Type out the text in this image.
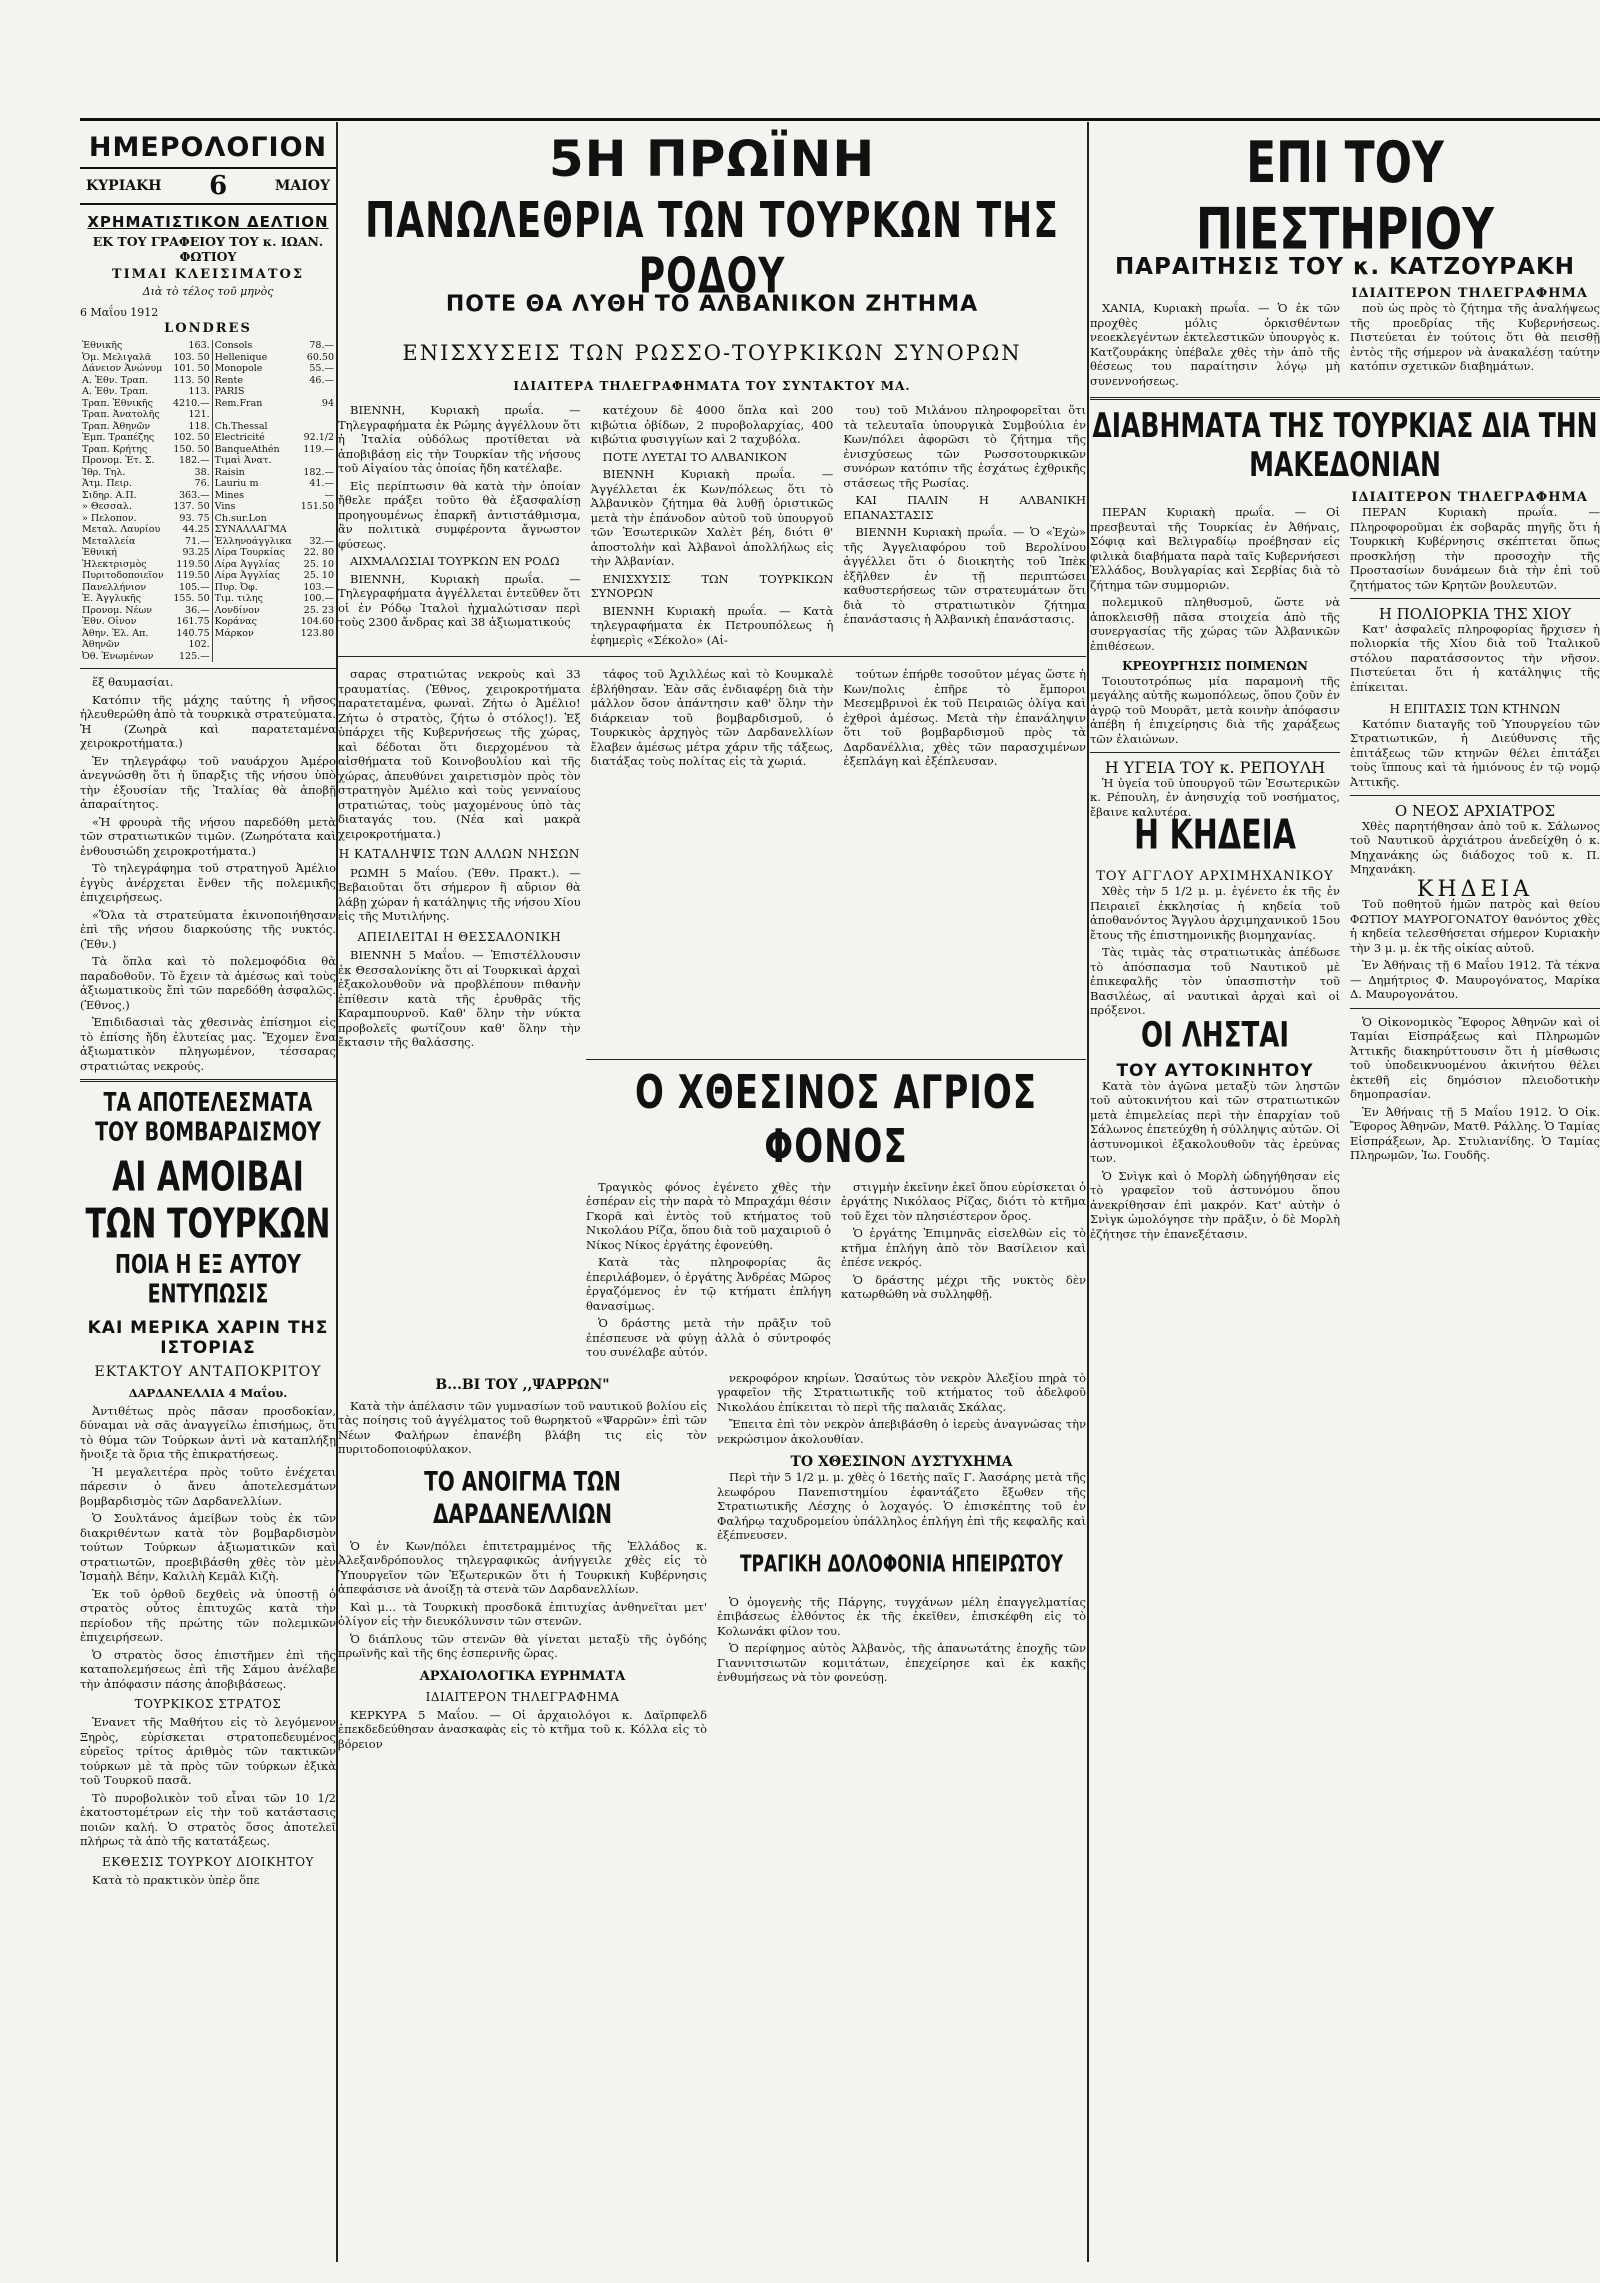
ΗΜΕΡΟΛΟΓΙΟΝ
ΚΥΡΙΑΚΗ 6	ΜΑΙΟΥ
ΧΡΗΜΑΤΙΣΤΙΚΟΝ ΔΕΛΤΙΟΝ
ΕΚ ΤΟΥ ΓΡΑΦΕΙΟΥ ΤΟΥ κ. ΙΩΑΝ. ΦΩΤΙΟΥ
ΤΙΜΑΙ ΚΛΕΙΣΙΜΑΤΟΣ
Διὰ τὸ τέλος τοῦ μηνὸς
6 Μαΐου 1912
LONDRES
Ἐθνικῆς	163.	Consols	78.—
Ὁμ. Μελιγαλᾶ	103. 50	Hellenique	60.50
Δάνειον Ἀνώνυμ	101. 50	Monopole	55.—
Α. Ἐθν. Τραπ.	113. 50	Rente	46.—
Α. Ἐθν. Τραπ.	113.	PARIS	
Τραπ. Ἐθνικῆς	4210.—	Rem.Fran	94
Τραπ. Ἀνατολῆς	121.		
Τραπ. Ἀθηνῶν	118.	Ch.Thessal	
Ἐμπ. Τραπέζης	102. 50	Electricité	92.1/2
Τραπ. Κρήτης	150. 50	BanqueAthén	119.—
Προνομ. Ἐτ. Σ.	182.—	Τιμαὶ Ἀνατ.	
Ἰθρ. Τηλ.	38.	Raisin	182.—
Ἀτμ. Πειρ.	76.	Lauriu m	41.—
Σιδηρ. Α.Π.	363.—	Mines	—
» Θεσσαλ.	137. 50	Vins	151.50
» Πελοπον.	93. 75	Ch.sur.Lon	
Μεταλ. Λαυρίου	44.25	ΣΥΝΑΛΛΑΓΜΑ	
Μεταλλεία	71.—	Ἑλληνοάγγλικα	32.—
Ἐθνική	93.25	Λίρα Τουρκίας	22. 80
Ἠλεκτρισμὸς	119.50	Λίρα Ἀγγλίας	25. 10
Πυριτοδοποιεῖον	119.50	Λίρα Ἀγγλίας	25. 10
Πανελλήνιον	105.—	Πυρ. Ὀφ.	103.—
Ἐ. Ἀγγλικῆς	155. 50	Τιμ. τιλης	100.—
Προνομ. Νέων	36.—	Λονδίνον	25. 23
Ἐθν. Οἶνον	161.75	Κοράνας	104.60
Ἀθην. Ἐλ. Απ.	140.75	Μάρκον	123.80
Ἀθηνῶν	102.		
Ὀθ. Ἑνωμένων	125.—		

ἕξ θαυμασίαι.

Κατόπιν τῆς μάχης ταύτης ἡ νῆσος ἠλευθερώθη ἀπὸ τὰ τουρκικὰ στρατεύματα. Ἡ (Ζωηρὰ καὶ παρατεταμένα χειροκροτήματα.)

Ἐν τηλεγράφῳ τοῦ ναυάρχου Ἀμέρο ἀνεγνώσθη ὅτι ἡ ὕπαρξις τῆς νήσου ὑπὸ τὴν ἐξουσίαν τῆς Ἰταλίας θὰ ἀποβῇ ἀπαραίτητος.

«Ἡ φρουρὰ τῆς νήσου παρεδόθη μετὰ τῶν στρατιωτικῶν τιμῶν. (Ζωηρότατα καὶ ἐνθουσιώδη χειροκροτήματα.)

Τὸ τηλεγράφημα τοῦ στρατηγοῦ Ἀμέλιο ἐγγὺς ἀνέρχεται ἔνθεν τῆς πολεμικῆς ἐπιχειρήσεως.

«Ὅλα τὰ στρατεύματα ἐκινοποιήθησαν ἐπὶ τῆς νήσου διαρκούσης τῆς νυκτός. (Ἐθν.)

Τὰ ὅπλα καὶ τὸ πολεμοφόδια θὰ παραδοθοῦν. Τὸ ἔχειν τὰ ἀμέσως καὶ τοὺς ἀξιωματικοὺς ἔπὶ τῶν παρεδόθη ἀσφαλῶς. (Ἐθνος.)

Ἐπιδιδασιαὶ τὰς χθεσινὰς ἐπίσημοι εἰς τὸ ἐπίσης ἤδη ἐλυτείας μας. Ἔχομεν ἕνα ἀξιωματικὸν πληγωμένον, τέσσαρας στρατιώτας νεκρούς.

ΤΑ ΑΠΟΤΕΛΕΣΜΑΤΑ ΤΟΥ ΒΟΜΒΑΡΔΙΣΜΟΥ
ΑΙ ΑΜΟΙΒΑΙ ΤΩΝ ΤΟΥΡΚΩΝ
ΠΟΙΑ Η ΕΞ ΑΥΤΟΥ ΕΝΤΥΠΩΣΙΣ
ΚΑΙ ΜΕΡΙΚΑ ΧΑΡΙΝ ΤΗΣ ΙΣΤΟΡΙΑΣ
ΕΚΤΑΚΤΟΥ ΑΝΤΑΠΟΚΡΙΤΟΥ

ΔΑΡΔΑΝΕΛΛΙΑ 4 Μαΐου.

Ἀντιθέτως πρὸς πᾶσαν προσδοκίαν, δύναμαι νὰ σᾶς ἀναγγείλω ἐπισήμως, ὅτι τὸ θύμα τῶν Τούρκων ἀντὶ νὰ καταπλήξῃ ἤνοιξε τὰ ὅρια τῆς ἐπικρατήσεως.

Ἡ μεγαλειτέρα πρὸς τοῦτο ἐνέχεται πάρεσιν ὁ ἄνευ ἀποτελεσμάτων βομβαρδισμὸς τῶν Δαρδανελλίων.

Ὁ Σουλτάνος ἀμείβων τοὺς ἐκ τῶν διακριθέντων κατὰ τὸν βομβαρδισμὸν τούτων Τούρκων ἀξιωματικῶν καὶ στρατιωτῶν, προεβιβάσθη χθὲς τὸν μὲν Ἱσμαὴλ Βέην, Καλιλὴ Κεμᾶλ Κιζὴ.

Ἐκ τοῦ ὀρθοῦ δεχθεὶς νὰ ὑποστῇ ὁ στρατὸς οὗτος ἐπιτυχῶς κατὰ τὴν περίοδον τῆς πρώτης τῶν πολεμικῶν ἐπιχειρήσεων.

Ὁ στρατὸς ὅσος ἐπιστῆμεν ἐπὶ τῆς καταπολεμήσεως ἐπὶ τῆς Σάμου ἀνέλαβε τὴν ἀπόφασιν πάσης ἀποβιβάσεως.

ΤΟΥΡΚΙΚΟΣ ΣΤΡΑΤΟΣ

Ἐνανετ τῆς Μαθήτου εἰς τὸ λεγόμενον Ξηρὸς, εὑρίσκεται στρατοπεδευμένος εὐρεῖος τρίτος ἀριθμὸς τῶν τακτικῶν τούρκων μὲ τὰ πρὸς τῶν τούρκων ἐξικὰ τοῦ Τουρκοῦ πασᾶ.

Τὸ πυροβολικὸν τοῦ εἶναι τῶν 10 1/2 ἑκατοστομέτρων εἰς τὴν τοῦ κατάστασις ποιῶν καλή. Ὁ στρατὸς ὅσος ἀποτελεῖ πλήρως τὰ ἀπὸ τῆς κατατάξεως.

ΕΚΘΕΣΙΣ ΤΟΥΡΚΟΥ ΔΙΟΙΚΗΤΟΥ

Κατὰ τὸ πρακτικὸν ὑπὲρ ὅπε

5Η ΠΡΩΪΝΗ
ΠΑΝΩΛΕΘΡΙΑ ΤΩΝ ΤΟΥΡΚΩΝ ΤΗΣ ΡΟΔΟΥ
ΠΟΤΕ ΘΑ ΛΥΘΗ ΤΟ ΑΛΒΑΝΙΚΟΝ ΖΗΤΗΜΑ
ΕΝΙΣΧΥΣΕΙΣ ΤΩΝ ΡΩΣΣΟ-ΤΟΥΡΚΙΚΩΝ ΣΥΝΟΡΩΝ
ΙΔΙΑΙΤΕΡΑ ΤΗΛΕΓΡΑΦΗΜΑΤΑ ΤΟΥ ΣΥΝΤΑΚΤΟΥ ΜΑ.

ΒΙΕΝΝΗ, Κυριακὴ πρωΐα. — Τηλεγραφήματα ἐκ Ρώμης ἀγγέλλουν ὅτι ἡ Ἰταλία οὐδόλως προτίθεται νὰ ἀποβιβάσῃ εἰς τὴν Τουρκίαν τῆς νήσους τοῦ Αἰγαίου τὰς ὁποίας ἤδη κατέλαβε.

Εἰς περίπτωσιν θὰ κατὰ τὴν ὁποίαν ἤθελε πράξει τοῦτο θὰ ἐξασφαλίσῃ προηγουμένως ἐπαρκῆ ἀντιστάθμισμα, ἂν πολιτικὰ συμφέροντα ἄγνωστον φύσεως.

ΑΙΧΜΑΛΩΣΙΑΙ ΤΟΥΡΚΩΝ ΕΝ ΡΟΔΩ

ΒΙΕΝΝΗ, Κυριακὴ πρωΐα. — Τηλεγραφήματα ἀγγέλλεται ἐντεῦθεν ὅτι οἱ ἐν Ρόδῳ Ἰταλοὶ ἠχμαλώτισαν περὶ τοὺς 2300 ἄνδρας καὶ 38 ἀξιωματικούς

κατέχουν δὲ 4000 ὅπλα καὶ 200 κιβώτια ὀβίδων, 2 πυροβολαρχίας, 400 κιβώτια φυσιγγίων καὶ 2 ταχυβόλα.

ΠΟΤΕ ΛΥΕΤΑΙ ΤΟ ΑΛΒΑΝΙΚΟΝ

ΒΙΕΝΝΗ Κυριακὴ πρωΐα. — Ἀγγέλλεται ἐκ Κων/πόλεως ὅτι τὸ Ἀλβανικὸν ζήτημα θὰ λυθῇ ὁριστικῶς μετὰ τὴν ἐπάνοδον αὐτοῦ τοῦ ὑπουργοῦ τῶν Ἐσωτερικῶν Χαλὲτ βέη, διότι θ' ἀποστολὴν καὶ Ἀλβανοὶ ἀπολλήλως εἰς τὴν Ἀλβανίαν.

ΕΝΙΣΧΥΣΙΣ ΤΩΝ ΤΟΥΡΚΙΚΩΝ ΣΥΝΟΡΩΝ

ΒΙΕΝΝΗ Κυριακὴ πρωΐα. — Κατὰ τηλεγραφήματα ἐκ Πετρουπόλεως ἡ ἐφημερὶς «Σέκολο» (Αἰ-

του) τοῦ Μιλάνου πληροφορεῖται ὅτι τὰ τελευταῖα ὑπουργικὰ Συμβούλια ἐν Κων/πόλει ἀφορῶσι τὸ ζήτημα τῆς ἐνισχύσεως τῶν Ρωσσοτουρκικῶν συνόρων κατόπιν τῆς ἐσχάτως ἐχθρικῆς στάσεως τῆς Ρωσίας.

ΚΑΙ ΠΑΛΙΝ Η ΑΛΒΑΝΙΚΗ ΕΠΑΝΑΣΤΑΣΙΣ

ΒΙΕΝΝΗ Κυριακὴ πρωΐα. — Ὁ «Ἐχὼ» τῆς Ἀγγελιαφόρου τοῦ Βερολίνου ἀγγέλλει ὅτι ὁ διοικητὴς τοῦ Ἰπὲκ ἐξῆλθεν ἐν τῇ περιπτώσει καθυστερήσεως τῶν στρατευμάτων ὅτι διὰ τὸ στρατιωτικὸν ζήτημα ἐπανάστασις ἡ Ἀλβανικὴ ἐπανάστασις.

σαρας στρατιώτας νεκροὺς καὶ 33 τραυματίας. (Ἐθνος, χειροκροτήματα παρατεταμένα, φωναὶ. Ζήτω ὁ Ἀμέλιο! Ζήτω ὁ στρατὸς, ζήτω ὁ στόλος!). Ἐξ ὑπάρχει τῆς Κυβερνήσεως τῆς χώρας, καὶ δέδοται ὅτι διερχομένου τὰ αἰσθήματα τοῦ Κοινοβουλίου καὶ τῆς χώρας, ἀπευθύνει χαιρετισμὸν πρὸς τὸν στρατηγὸν Ἀμέλιο καὶ τοὺς γενναίους στρατιώτας, τοὺς μαχομένους ὑπὸ τὰς διαταγάς του. (Νέα καὶ μακρὰ χειροκροτήματα.)

Η ΚΑΤΑΛΗΨΙΣ ΤΩΝ ΑΛΛΩΝ ΝΗΣΩΝ

ΡΩΜΗ 5 Μαΐου. (Ἐθν. Πρακτ.). — Βεβαιοῦται ὅτι σήμερον ἢ αὔριον θὰ λάβῃ χώραν ἡ κατάληψις τῆς νήσου Χίου εἰς τῆς Μυτιλήνης.

ΑΠΕΙΛΕΙΤΑΙ Η ΘΕΣΣΑΛΟΝΙΚΗ

ΒΙΕΝΝΗ 5 Μαΐου. — Ἐπιστέλλουσιν ἐκ Θεσσαλονίκης ὅτι αἱ Τουρκικαὶ ἀρχαὶ ἐξακολουθοῦν νὰ προβλέπουν πιθανὴν ἐπίθεσιν κατὰ τῆς ἐρυθρᾶς τῆς Καραμπουρνοῦ. Καθ' ὅλην τὴν νύκτα προβολεῖς φωτίζουν καθ' ὅλην τὴν ἔκτασιν τῆς θαλάσσης.

τάφος τοῦ Ἀχιλλέως καὶ τὸ Κουμκαλὲ ἐβλήθησαν. Ἐὰν σᾶς ἐνδιαφέρῃ διὰ τὴν μάλλον ὅσον ἀπάντησιν καθ' ὅλην τὴν διάρκειαν τοῦ βομβαρδισμοῦ, ὁ Τουρκικὸς ἀρχηγὸς τῶν Δαρδανελλίων ἔλαβεν ἀμέσως μέτρα χάριν τῆς τάξεως, διατάξας τοὺς πολίτας εἰς τὰ χωριά.

τούτων ἐπήρθε τοσοῦτον μέγας ὥστε ἡ Κων/πολις ἐπῆρε τὸ ἔμποροι Μεσεμβρινοὶ ἐκ τοῦ Πειραιῶς ὀλίγα καὶ ἐχθροὶ ἀμέσως. Μετὰ τὴν ἐπανάληψιν ὅτι τοῦ βομβαρδισμοῦ πρὸς τὰ Δαρδανέλλια, χθὲς τῶν παρασχιμένων ἐξεπλάγη καὶ ἐξέπλευσαν.

Ο ΧΘΕΣΙΝΟΣ ΑΓΡΙΟΣ ΦΟΝΟΣ

Τραγικὸς φόνος ἐγένετο χθὲς τὴν ἑσπέραν εἰς τὴν παρὰ τὸ Μπραχάμι θέσιν Γκορᾶ καὶ ἐντὸς τοῦ κτήματος τοῦ Νικολάου Ρίζα, ὅπου διὰ τοῦ μαχαιριοῦ ὁ Νίκος Νίκος ἐργάτης ἐφονεύθη.

Κατὰ τὰς πληροφορίας ἃς ἐπεριλάβομεν, ὁ ἐργάτης Ἀνδρέας Μῶρος ἐργαζόμενος ἐν τῷ κτήματι ἐπλήγη θανασίμως.

Ὁ δράστης μετὰ τὴν πρᾶξιν τοῦ ἐπέσπευσε νὰ φύγῃ ἀλλὰ ὁ σύντροφός του συνέλαβε αὐτόν.

στιγμὴν ἐκεῖνην ἐκεῖ ὅπου εὑρίσκεται ὁ ἐργάτης Νικόλαος Ρίζας, διότι τὸ κτῆμα τοῦ ἔχει τὸν πλησιέστερον ὄρος.

Ὁ ἐργάτης Ἐπιμηνᾶς εἰσελθὼν εἰς τὸ κτῆμα ἐπλήγη ἀπὸ τὸν Βασίλειον καὶ ἐπέσε νεκρός.

Ὁ δράστης μέχρι τῆς νυκτὸς δὲν κατωρθώθη νὰ συλληφθῇ.

Β...ΒΙ ΤΟΥ ,,ΨΑΡΡΩΝ"

Κατὰ τὴν ἀπέλασιν τῶν γυμνασίων τοῦ ναυτικοῦ βολίου εἰς τὰς ποίησις τοῦ ἀγγέλματος τοῦ θωρηκτοῦ «Ψαρρῶν» ἐπὶ τῶν Νέων Φαλήρων ἐπανέβη βλάβη τις εἰς τὸν πυριτοδοποιοφύλακον.

ΤΟ ΑΝΟΙΓΜΑ ΤΩΝ ΔΑΡΔΑΝΕΛΛΙΩΝ

Ὁ ἐν Κων/πόλει ἐπιτετραμμένος τῆς Ἑλλάδος κ. Ἀλεξανδρόπουλος τηλεγραφικῶς ἀνήγγειλε χθὲς εἰς τὸ Ὑπουργεῖον τῶν Ἐξωτερικῶν ὅτι ἡ Τουρκικὴ Κυβέρνησις ἀπεφάσισε νὰ ἀνοίξῃ τὰ στενὰ τῶν Δαρδανελλίων.

Καὶ μ... τὰ Τουρκικὴ προσδοκᾶ ἐπιτυχίας ἀνθηνεῖται μετ' ὀλίγον εἰς τὴν διευκόλυνσιν τῶν στενῶν.

Ὁ διάπλους τῶν στενῶν θὰ γίνεται μεταξὺ τῆς ὀγδόης πρωϊνῆς καὶ τῆς 6ης ἑσπερινῆς ὥρας.

ΑΡΧΑΙΟΛΟΓΙΚΑ ΕΥΡΗΜΑΤΑ
ΙΔΙΑΙΤΕΡΟΝ ΤΗΛΕΓΡΑΦΗΜΑ

ΚΕΡΚΥΡΑ 5 Μαΐου. — Οἱ ἀρχαιολόγοι κ. Δαϊρπφελδ ἐπεκδεδεύθησαν ἀνασκαφὰς εἰς τὸ κτῆμα τοῦ κ. Κόλλα εἰς τὸ βόρειον

νεκροφόρον κηρίων. Ὡσαύτως τὸν νεκρὸν Ἀλεξίου πηρὰ τὸ γραφεῖον τῆς Στρατιωτικῆς τοῦ κτήματος τοῦ ἀδελφοῦ Νικολάου ἐπίκειται τὸ περὶ τῆς παλαιᾶς Σκάλας.

Ἔπειτα ἐπὶ τὸν νεκρὸν ἀπεβιβάσθη ὁ ἱερεὺς ἀναγνώσας τὴν νεκρώσιμον ἀκολουθίαν.

ΤΟ ΧΘΕΣΙΝΟΝ ΔΥΣΤΥΧΗΜΑ

Περὶ τὴν 5 1/2 μ. μ. χθὲς ὁ 16ετὴς παῖς Γ. Ἀασάρης μετὰ τῆς λεωφόρου Πανεπιστημίου ἐφαντάζετο ἔξωθεν τῆς Στρατιωτικῆς Λέσχης ὁ λοχαγός. Ὁ ἐπισκέπτης τοῦ ἐν Φαλήρῳ ταχυδρομείου ὑπάλληλος ἐπλήγη ἐπὶ τῆς κεφαλῆς καὶ ἐξέπνευσεν.

ΤΡΑΓΙΚΗ ΔΟΛΟΦΟΝΙΑ ΗΠΕΙΡΩΤΟΥ

Ὁ ὁμογενὴς τῆς Πάργης, τυγχάνων μέλη ἐπαγγελματίας ἐπιβάσεως ἐλθόντος ἐκ τῆς ἐκεῖθεν, ἐπισκέφθη εἰς τὸ Κολωνάκι φίλον του.

Ὁ περίφημος αὐτὸς Ἀλβανὸς, τῆς ἀπανωτάτης ἐποχῆς τῶν Γιαννιτσιωτῶν κομιτάτων, ἐπεχείρησε καὶ ἐκ κακῆς ἐνθυμήσεως νὰ τὸν φονεύσῃ.

ΕΠΙ ΤΟΥ ΠΙΕΣΤΗΡΙΟΥ
ΠΑΡΑΙΤΗΣΙΣ ΤΟΥ κ. ΚΑΤΖΟΥΡΑΚΗ
ΙΔΙΑΙΤΕΡΟΝ ΤΗΛΕΓΡΑΦΗΜΑ

ΧΑΝΙΑ, Κυριακὴ πρωΐα. — Ὁ ἐκ τῶν προχθὲς μόλις ὁρκισθέντων νεοεκλεγέντων ἐκτελεστικῶν ὑπουργὸς κ. Κατζουράκης ὑπέβαλε χθὲς τὴν ἀπὸ τῆς θέσεως του παραίτησιν λόγῳ μὴ συνεννοήσεως.

ποὺ ὡς πρὸς τὸ ζήτημα τῆς ἀναλήψεως τῆς προεδρίας τῆς Κυβερνήσεως. Πιστεύεται ἐν τούτοις ὅτι θὰ πεισθῇ ἐντὸς τῆς σήμερον νὰ ἀνακαλέσῃ ταύτην κατόπιν σχετικῶν διαβημάτων.

ΔΙΑΒΗΜΑΤΑ ΤΗΣ ΤΟΥΡΚΙΑΣ ΔΙΑ ΤΗΝ ΜΑΚΕΔΟΝΙΑΝ
ΙΔΙΑΙΤΕΡΟΝ ΤΗΛΕΓΡΑΦΗΜΑ

ΠΕΡΑΝ Κυριακὴ πρωΐα. — Οἱ πρεσβευταὶ τῆς Τουρκίας ἐν Ἀθήναις, Σόφιᾳ καὶ Βελιγραδίῳ προέβησαν εἰς φιλικὰ διαβήματα παρὰ ταῖς Κυβερνήσεσι Ἑλλάδος, Βουλγαρίας καὶ Σερβίας διὰ τὸ ζήτημα τῶν συμμοριῶν.

πολεμικοῦ πληθυσμοῦ, ὥστε νὰ ἀποκλεισθῇ πᾶσα στοιχεία ἀπὸ τῆς συνεργασίας τῆς χώρας τῶν Ἀλβανικῶν ἐπιθέσεων.

ΚΡΕΟΥΡΓΗΣΙΣ ΠΟΙΜΕΝΩΝ

Τοιουτοτρόπως μία παραμονὴ τῆς μεγάλης αὐτῆς κωμοπόλεως, ὅπου ζοῦν ἐν ἀγρῷ τοῦ Μουρᾶτ, μετὰ κοινὴν ἀπόφασιν ἀπέβη ἡ ἐπιχείρησις διὰ τῆς χαράξεως τῶν ἐλαιώνων.

Η ΥΓΕΙΑ ΤΟΥ κ. ΡΕΠΟΥΛΗ

Ἡ ὑγεία τοῦ ὑπουργοῦ τῶν Ἐσωτερικῶν κ. Ρέπουλη, ἐν ἀνησυχίᾳ τοῦ νοσήματος, ἔβαινε καλυτέρα.

Η ΚΗΔΕΙΑ
ΤΟΥ ΑΓΓΛΟΥ ΑΡΧΙΜΗΧΑΝΙΚΟΥ

Χθὲς τὴν 5 1/2 μ. μ. ἐγένετο ἐκ τῆς ἐν Πειραιεῖ ἐκκλησίας ἡ κηδεία τοῦ ἀποθανόντος Ἄγγλου ἀρχιμηχανικοῦ 15ου ἔτους τῆς ἐπιστημονικῆς βιομηχανίας.

Τὰς τιμὰς τὰς στρατιωτικὰς ἀπέδωσε τὸ ἀπόσπασμα τοῦ Ναυτικοῦ μὲ ἐπικεφαλῆς τὸν ὑπασπιστὴν τοῦ Βασιλέως, αἱ ναυτικαὶ ἀρχαὶ καὶ οἱ πρόξενοι.

ΟΙ ΛΗΣΤΑΙ
ΤΟΥ ΑΥΤΟΚΙΝΗΤΟΥ

Κατὰ τὸν ἀγῶνα μεταξὺ τῶν ληστῶν τοῦ αὐτοκινήτου καὶ τῶν στρατιωτικῶν μετὰ ἐπιμελείας περὶ τὴν ἐπαρχίαν τοῦ Σάλωνος ἐπετεύχθη ἡ σύλληψις αὐτῶν. Οἱ ἀστυνομικοὶ ἐξακολουθοῦν τὰς ἐρεύνας των.

Ὁ Σνὶγκ καὶ ὁ Μορλὴ ὡδηγήθησαν εἰς τὸ γραφεῖον τοῦ ἀστυνόμου ὅπου ἀνεκρίθησαν ἐπὶ μακρόν. Κατ' αὐτὴν ὁ Σνὶγκ ὡμολόγησε τὴν πρᾶξιν, ὁ δὲ Μορλὴ ἐζήτησε τὴν ἐπανεξέτασιν.

ΠΕΡΑΝ Κυριακὴ πρωΐα. — Πληροφοροῦμαι ἐκ σοβαρᾶς πηγῆς ὅτι ἡ Τουρκικὴ Κυβέρνησις σκέπτεται ὅπως προσκλήσῃ τὴν προσοχὴν τῆς Προστασίων δυνάμεων διὰ τὴν ἐπὶ τοῦ ζητήματος τῶν Κρητῶν βουλευτῶν.

Η ΠΟΛΙΟΡΚΙΑ ΤΗΣ ΧΙΟΥ

Κατ' ἀσφαλεῖς πληροφορίας ἤρχισεν ἡ πολιορκία τῆς Χίου διὰ τοῦ Ἰταλικοῦ στόλου παρατάσσοντος τὴν νῆσον. Πιστεύεται ὅτι ἡ κατάληψις τῆς ἐπίκειται.

Η ΕΠΙΤΑΣΙΣ ΤΩΝ ΚΤΗΝΩΝ

Κατόπιν διαταγῆς τοῦ Ὑπουργείου τῶν Στρατιωτικῶν, ἡ Διεύθυνσις τῆς ἐπιτάξεως τῶν κτηνῶν θέλει ἐπιτάξει τοὺς ἵππους καὶ τὰ ἡμιόνους ἐν τῷ νομῷ Ἀττικῆς.

Ο ΝΕΟΣ ΑΡΧΙΑΤΡΟΣ

Χθὲς παρητήθησαν ἀπὸ τοῦ κ. Σάλωνος τοῦ Ναυτικοῦ ἀρχιάτρου ἀνεδείχθη ὁ κ. Μηχανάκης ὡς διάδοχος τοῦ κ. Π. Μηχανάκη.

ΚΗΔΕΙΑ

Τοῦ ποθητοῦ ἡμῶν πατρὸς καὶ θείου ΦΩΤΙΟΥ ΜΑΥΡΟΓΟΝΑΤΟΥ θανόντος χθὲς ἡ κηδεία τελεσθήσεται σήμερον Κυριακὴν τὴν 3 μ. μ. ἐκ τῆς οἰκίας αὐτοῦ.

Ἐν Ἀθήναις τῇ 6 Μαΐου 1912. Τὰ τέκνα — Δημήτριος Φ. Μαυρογόνατος, Μαρίκα Δ. Μαυρογονάτου.

Ὁ Οἰκονομικὸς Ἔφορος Ἀθηνῶν καὶ οἱ Ταμίαι Εἰσπράξεως καὶ Πληρωμῶν Ἀττικῆς διακηρύττουσιν ὅτι ἡ μίσθωσις τοῦ ὑποδεικνυομένου ἀκινήτου θέλει ἐκτεθῆ εἰς δημόσιον πλειοδοτικὴν δημοπρασίαν.

Ἐν Ἀθήναις τῇ 5 Μαΐου 1912. Ὁ Οἰκ. Ἔφορος Ἀθηνῶν, Ματθ. Ράλλης. Ὁ Ταμίας Εἰσπράξεων, Ἀρ. Στυλιανίδης. Ὁ Ταμίας Πληρωμῶν, Ἰω. Γουδῆς.
